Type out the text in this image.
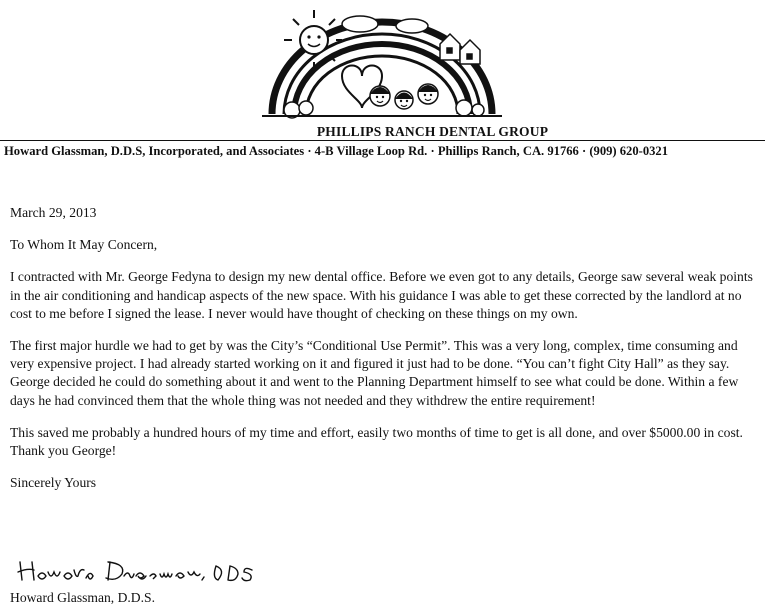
PHILLIPS RANCH DENTAL GROUP
Howard Glassman, D.D.S, Incorporated, and Associates · 4-B Village Loop Rd. · Phillips Ranch, CA. 91766 · (909) 620-0321

March 29, 2013

To Whom It May Concern,

I contracted with Mr. George Fedyna to design my new dental office. Before we even got to any details, George saw several weak points in the air conditioning and handicap aspects of the new space. With his guidance I was able to get these corrected by the landlord at no cost to me before I signed the lease. I never would have thought of checking on these things on my own.

The first major hurdle we had to get by was the City’s “Conditional Use Permit”. This was a very long, complex, time consuming and very expensive project. I had already started working on it and figured it just had to be done. “You can’t fight City Hall” as they say. George decided he could do something about it and went to the Planning Department himself to see what could be done. Within a few days he had convinced them that the whole thing was not needed and they withdrew the entire requirement!

This saved me probably a hundred hours of my time and effort, easily two months of time to get is all done, and over $5000.00 in cost. Thank you George!

Sincerely Yours

Howard Glassman, D.D.S.
